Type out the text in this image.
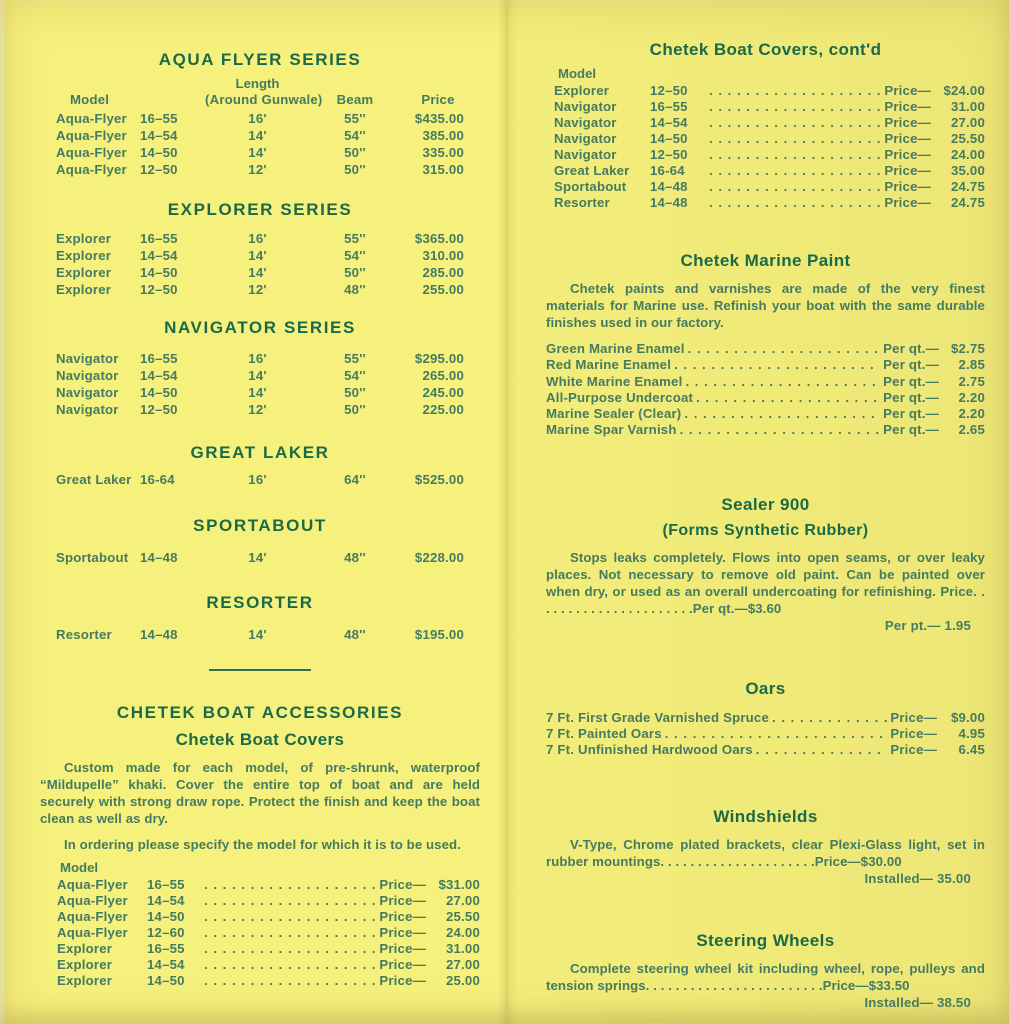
AQUA FLYER SERIES
Length
Model	(Around Gunwale)	Beam	Price
Aqua-Flyer 16–55	16'	55''	$435.00
Aqua-Flyer 14–54	14'	54''	385.00
Aqua-Flyer 14–50	14'	50''	335.00
Aqua-Flyer 12–50	12'	50''	315.00
EXPLORER SERIES
Explorer	16–55	16'	55''	$365.00
Explorer	14–54	14'	54''	310.00
Explorer	14–50	14'	50''	285.00
Explorer	12–50	12'	48''	255.00
NAVIGATOR SERIES
Navigator	16–55	16'	55''	$295.00
Navigator	14–54	14'	54''	265.00
Navigator	14–50	14'	50''	245.00
Navigator	12–50	12'	50''	225.00
GREAT LAKER
Great Laker 16-64	16'	64''	$525.00
SPORTABOUT
Sportabout 14–48	14'	48''	$228.00
RESORTER
Resorter	14–48	14'	48''	$195.00
CHETEK BOAT ACCESSORIES
Chetek Boat Covers

Custom made for each model, of pre-shrunk, waterproof “Mildupelle” khaki. Cover the entire top of boat and are held securely with strong draw rope. Protect the finish and keep the boat clean as well as dry.

In ordering please specify the model for which it is to be used.

Model
Aqua-Flyer	16–55 . . .	Price— $31.00
Aqua-Flyer	14–54 . . .	Price—	27.00
Aqua-Flyer	14–50 . . .	Price—	25.50
Aqua-Flyer	12–60 . . .	Price—	24.00
Explorer	16–55 . . .	Price—	31.00
Explorer	14–54 . . .	Price—	27.00
Explorer	14–50 . . .	Price—	25.00
Chetek Boat Covers, cont'd
Model
Explorer	12–50 . . .	Price— $24.00
Navigator	16–55 . . .	Price—	31.00
Navigator	14–54 . . .	Price—	27.00
Navigator	14–50 . . .	Price—	25.50
Navigator	12–50 . . .	Price—	24.00
Great Laker	16-64 . . .	Price—	35.00
Sportabout	14–48 . . .	Price—	24.75
Resorter	14–48 . . .	Price—	24.75
Chetek Marine Paint

Chetek paints and varnishes are made of the very finest materials for Marine use. Refinish your boat with the same durable finishes used in our factory.

Green Marine Enamel . . .	Per qt.— $2.75
Red Marine Enamel . . .	Per qt.—	2.85
White Marine Enamel . . .	Per qt.—	2.75
All-Purpose Undercoat . . .	Per qt.—	2.20
Marine Sealer (Clear) . . .	Per qt.—	2.20
Marine Spar Varnish . . .	Per qt.—	2.65
Sealer 900
(Forms Synthetic Rubber)

Stops leaks completely. Flows into open seams, or over leaky places. Not necessary to remove old paint. Can be painted over when dry, or used as an overall undercoating for refinishing. Price. . . . . . . . . . . . . . . . . . . . . .Per qt.—$3.60

Per pt.— 1.95

Oars
7 Ft. First Grade Varnished Spruce . . .	Price—	$9.00
7 Ft. Painted Oars . . .	Price—	4.95
7 Ft. Unfinished Hardwood Oars . . .	Price—	6.45
Windshields

V-Type, Chrome plated brackets, clear Plexi-Glass light, set in rubber mountings. . . . . . . . . . . . . . . . . . . . .Price—$30.00

Installed— 35.00

Steering Wheels

Complete steering wheel kit including wheel, rope, pulleys and tension springs. . . . . . . . . . . . . . . . . . . . . . . .Price—$33.50

Installed— 38.50
